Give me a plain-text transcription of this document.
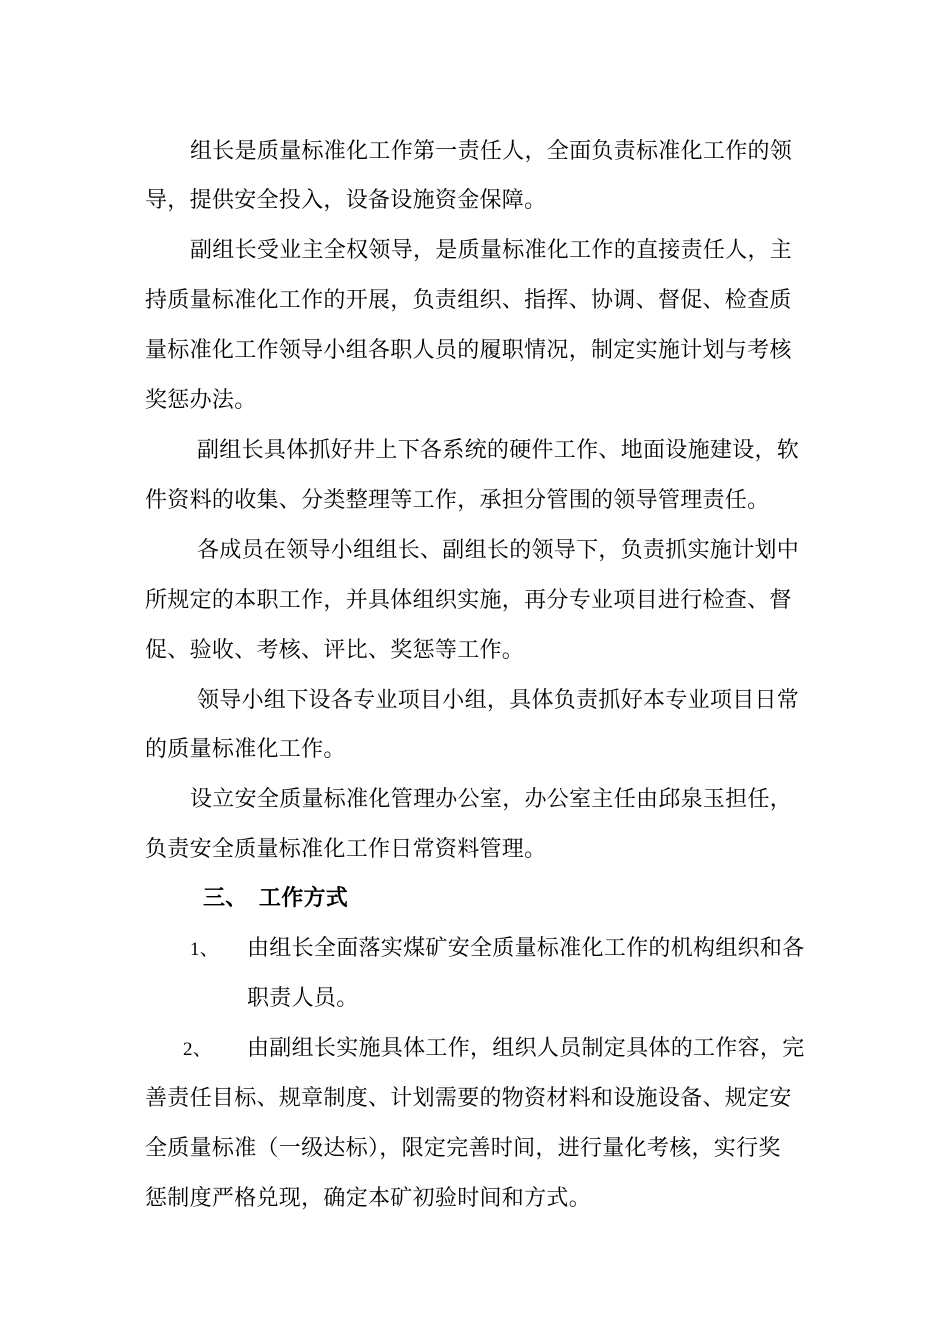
组长是质量标准化工作第一责任人，全面负责标准化工作的领
导，提供安全投入，设备设施资金保障。
副组长受业主全权领导，是质量标准化工作的直接责任人，主
持质量标准化工作的开展，负责组织、指挥、协调、督促、检查质
量标准化工作领导小组各职人员的履职情况，制定实施计划与考核
奖惩办法。
副组长具体抓好井上下各系统的硬件工作、地面设施建设，软
件资料的收集、分类整理等工作，承担分管围的领导管理责任。
各成员在领导小组组长、副组长的领导下，负责抓实施计划中
所规定的本职工作，并具体组织实施，再分专业项目进行检查、督
促、验收、考核、评比、奖惩等工作。
领导小组下设各专业项目小组，具体负责抓好本专业项目日常
的质量标准化工作。
设立安全质量标准化管理办公室，办公室主任由邱泉玉担任，
负责安全质量标准化工作日常资料管理。
三、　工作方式
1、 由组长全面落实煤矿安全质量标准化工作的机构组织和各
职责人员。
2、 由副组长实施具体工作，组织人员制定具体的工作容，完
善责任目标、规章制度、计划需要的物资材料和设施设备、规定安
全质量标准（一级达标），限定完善时间，进行量化考核，实行奖
惩制度严格兑现，确定本矿初验时间和方式。
